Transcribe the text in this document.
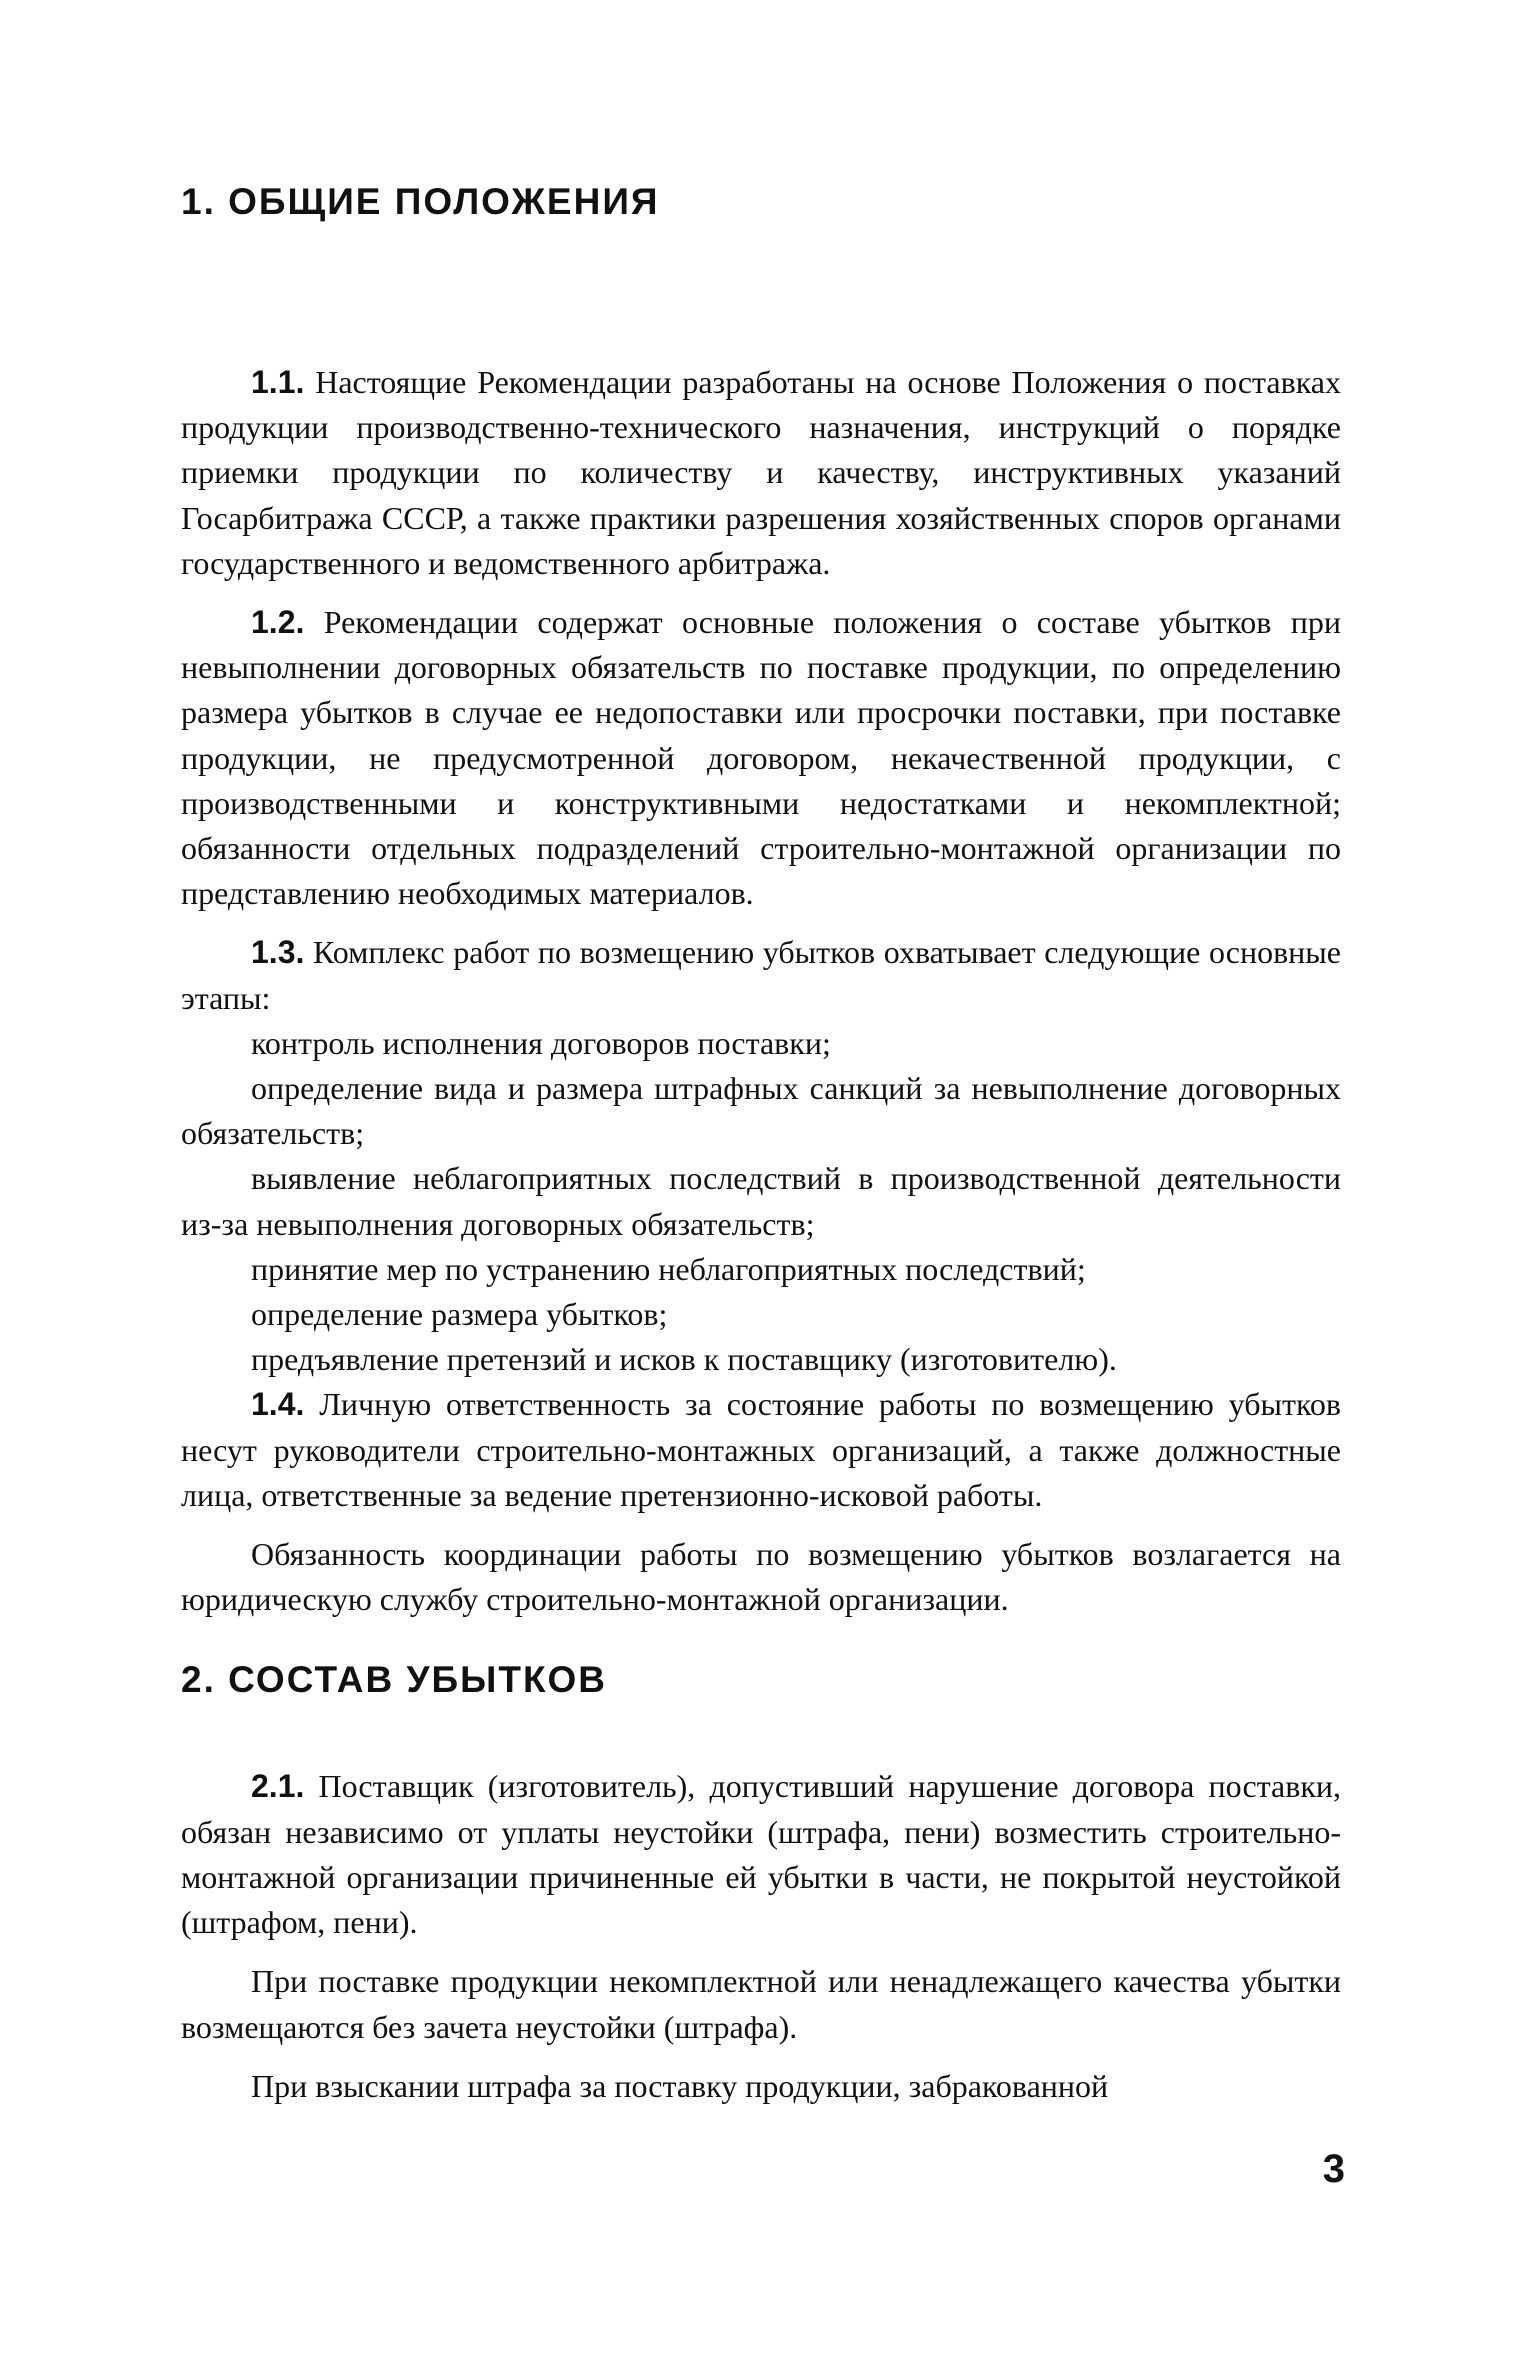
1. ОБЩИЕ ПОЛОЖЕНИЯ

1.1. Настоящие Рекомендации разработаны на основе Положения о поставках продукции производственно-технического назначения, инструкций о порядке приемки продукции по количеству и качеству, инструктивных указаний Госарбитража СССР, а также практики разрешения хозяйственных споров органами государственного и ведомственного арбитража.

1.2. Рекомендации содержат основные положения о составе убытков при невыполнении договорных обязательств по поставке продукции, по определению размера убытков в случае ее недопоставки или просрочки поставки, при поставке продукции, не предусмотренной договором, некачественной продукции, с производственными и конструктивными недостатками и некомплектной; обязанности отдельных подразделений строительно-монтажной организации по представлению необходимых материалов.

1.3. Комплекс работ по возмещению убытков охватывает следующие основные этапы:

контроль исполнения договоров поставки;

определение вида и размера штрафных санкций за невыполнение договорных обязательств;

выявление неблагоприятных последствий в производственной деятельности из-за невыполнения договорных обязательств;

принятие мер по устранению неблагоприятных последствий;

определение размера убытков;

предъявление претензий и исков к поставщику (изготовителю).

1.4. Личную ответственность за состояние работы по возмещению убытков несут руководители строительно-монтажных организаций, а также должностные лица, ответственные за ведение претензионно-исковой работы.

Обязанность координации работы по возмещению убытков возлагается на юридическую службу строительно-монтажной организации.

2. СОСТАВ УБЫТКОВ

2.1. Поставщик (изготовитель), допустивший нарушение договора поставки, обязан независимо от уплаты неустойки (штрафа, пени) возместить строительно-монтажной организации причиненные ей убытки в части, не покрытой неустойкой (штрафом, пени).

При поставке продукции некомплектной или ненадлежащего качества убытки возмещаются без зачета неустойки (штрафа).

При взыскании штрафа за поставку продукции, забракованной

3
